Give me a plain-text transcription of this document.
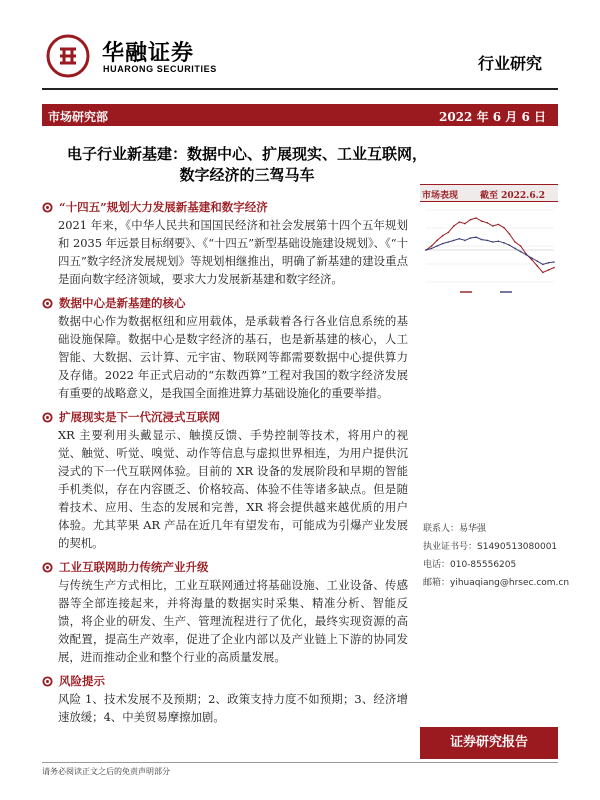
华融证券
HUARONG SECURITIES	行业研究
市场研究部	2022 年 6 月 6 日
电子行业新基建：数据中心、扩展现实、工业互联网，
数字经济的三驾马车
“十四五”规划大力发展新基建和数字经济
2021 年来，《中华人民共和国国民经济和社会发展第十四个五年规划和 2035 年远景目标纲要》、《“十四五”新型基础设施建设规划》、《“十四五”数字经济发展规划》等规划相继推出，明确了新基建的建设重点是面向数字经济领域，要求大力发展新基建和数字经济。
数据中心是新基建的核心
数据中心作为数据枢纽和应用载体，是承载着各行各业信息系统的基础设施保障。数据中心是数字经济的基石，也是新基建的核心，人工智能、大数据、云计算、元宇宙、物联网等都需要数据中心提供算力及存储。2022 年正式启动的“东数西算”工程对我国的数字经济发展有重要的战略意义，是我国全面推进算力基础设施化的重要举措。
扩展现实是下一代沉浸式互联网
XR 主要利用头戴显示、触摸反馈、手势控制等技术，将用户的视觉、触觉、听觉、嗅觉、动作等信息与虚拟世界相连，为用户提供沉浸式的下一代互联网体验。目前的 XR 设备的发展阶段和早期的智能手机类似，存在内容匮乏、价格较高、体验不佳等诸多缺点。但是随着技术、应用、生态的发展和完善，XR 将会提供越来越优质的用户体验。尤其苹果 AR 产品在近几年有望发布，可能成为引爆产业发展的契机。
工业互联网助力传统产业升级
与传统生产方式相比，工业互联网通过将基础设施、工业设备、传感器等全部连接起来，并将海量的数据实时采集、精准分析、智能反馈，将企业的研发、生产、管理流程进行了优化，最终实现资源的高效配置，提高生产效率，促进了企业内部以及产业链上下游的协同发展，进而推动企业和整个行业的高质量发展。
风险提示
风险 1、技术发展不及预期；2、政策支持力度不如预期；3、经济增速放缓；4、中美贸易摩擦加剧。
市场表现 截至 2022.6.2
联系人：易华强
执业证书号：S1490513080001
电话：010-85556205
邮箱：yihuaqiang@hrsec.com.cn
证券研究报告
请务必阅读正文之后的免责声明部分
